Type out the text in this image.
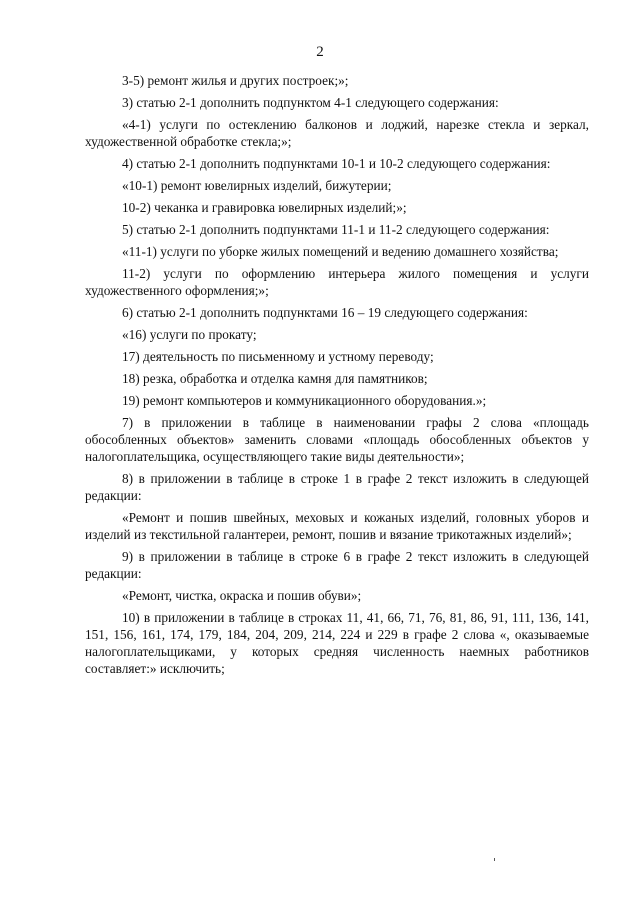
2

3-5) ремонт жилья и других построек;»;

3) статью 2-1 дополнить подпунктом 4-1 следующего содержания:

«4-1) услуги по остеклению балконов и лоджий, нарезке стекла и зеркал, художественной обработке стекла;»;

4) статью 2-1 дополнить подпунктами 10-1 и 10-2 следующего содержания:

«10-1) ремонт ювелирных изделий, бижутерии;

10-2) чеканка и гравировка ювелирных изделий;»;

5) статью 2-1 дополнить подпунктами 11-1 и 11-2 следующего содержания:

«11-1) услуги по уборке жилых помещений и ведению домашнего хозяйства;

11-2) услуги по оформлению интерьера жилого помещения и услуги художественного оформления;»;

6) статью 2-1 дополнить подпунктами 16 – 19 следующего содержания:

«16) услуги по прокату;

17) деятельность по письменному и устному переводу;

18) резка, обработка и отделка камня для памятников;

19) ремонт компьютеров и коммуникационного оборудования.»;

7) в приложении в таблице в наименовании графы 2 слова «площадь обособленных объектов» заменить словами «площадь обособленных объектов у налогоплательщика, осуществляющего такие виды деятельности»;

8) в приложении в таблице в строке 1 в графе 2 текст изложить в следующей редакции:

«Ремонт и пошив швейных, меховых и кожаных изделий, головных уборов и изделий из текстильной галантереи, ремонт, пошив и вязание трикотажных изделий»;

9) в приложении в таблице в строке 6 в графе 2 текст изложить в следующей редакции:

«Ремонт, чистка, окраска и пошив обуви»;

10) в приложении в таблице в строках 11, 41, 66, 71, 76, 81, 86, 91, 111, 136, 141, 151, 156, 161, 174, 179, 184, 204, 209, 214, 224 и 229 в графе 2 слова «, оказываемые налогоплательщиками, у которых средняя численность наемных работников составляет:» исключить;
